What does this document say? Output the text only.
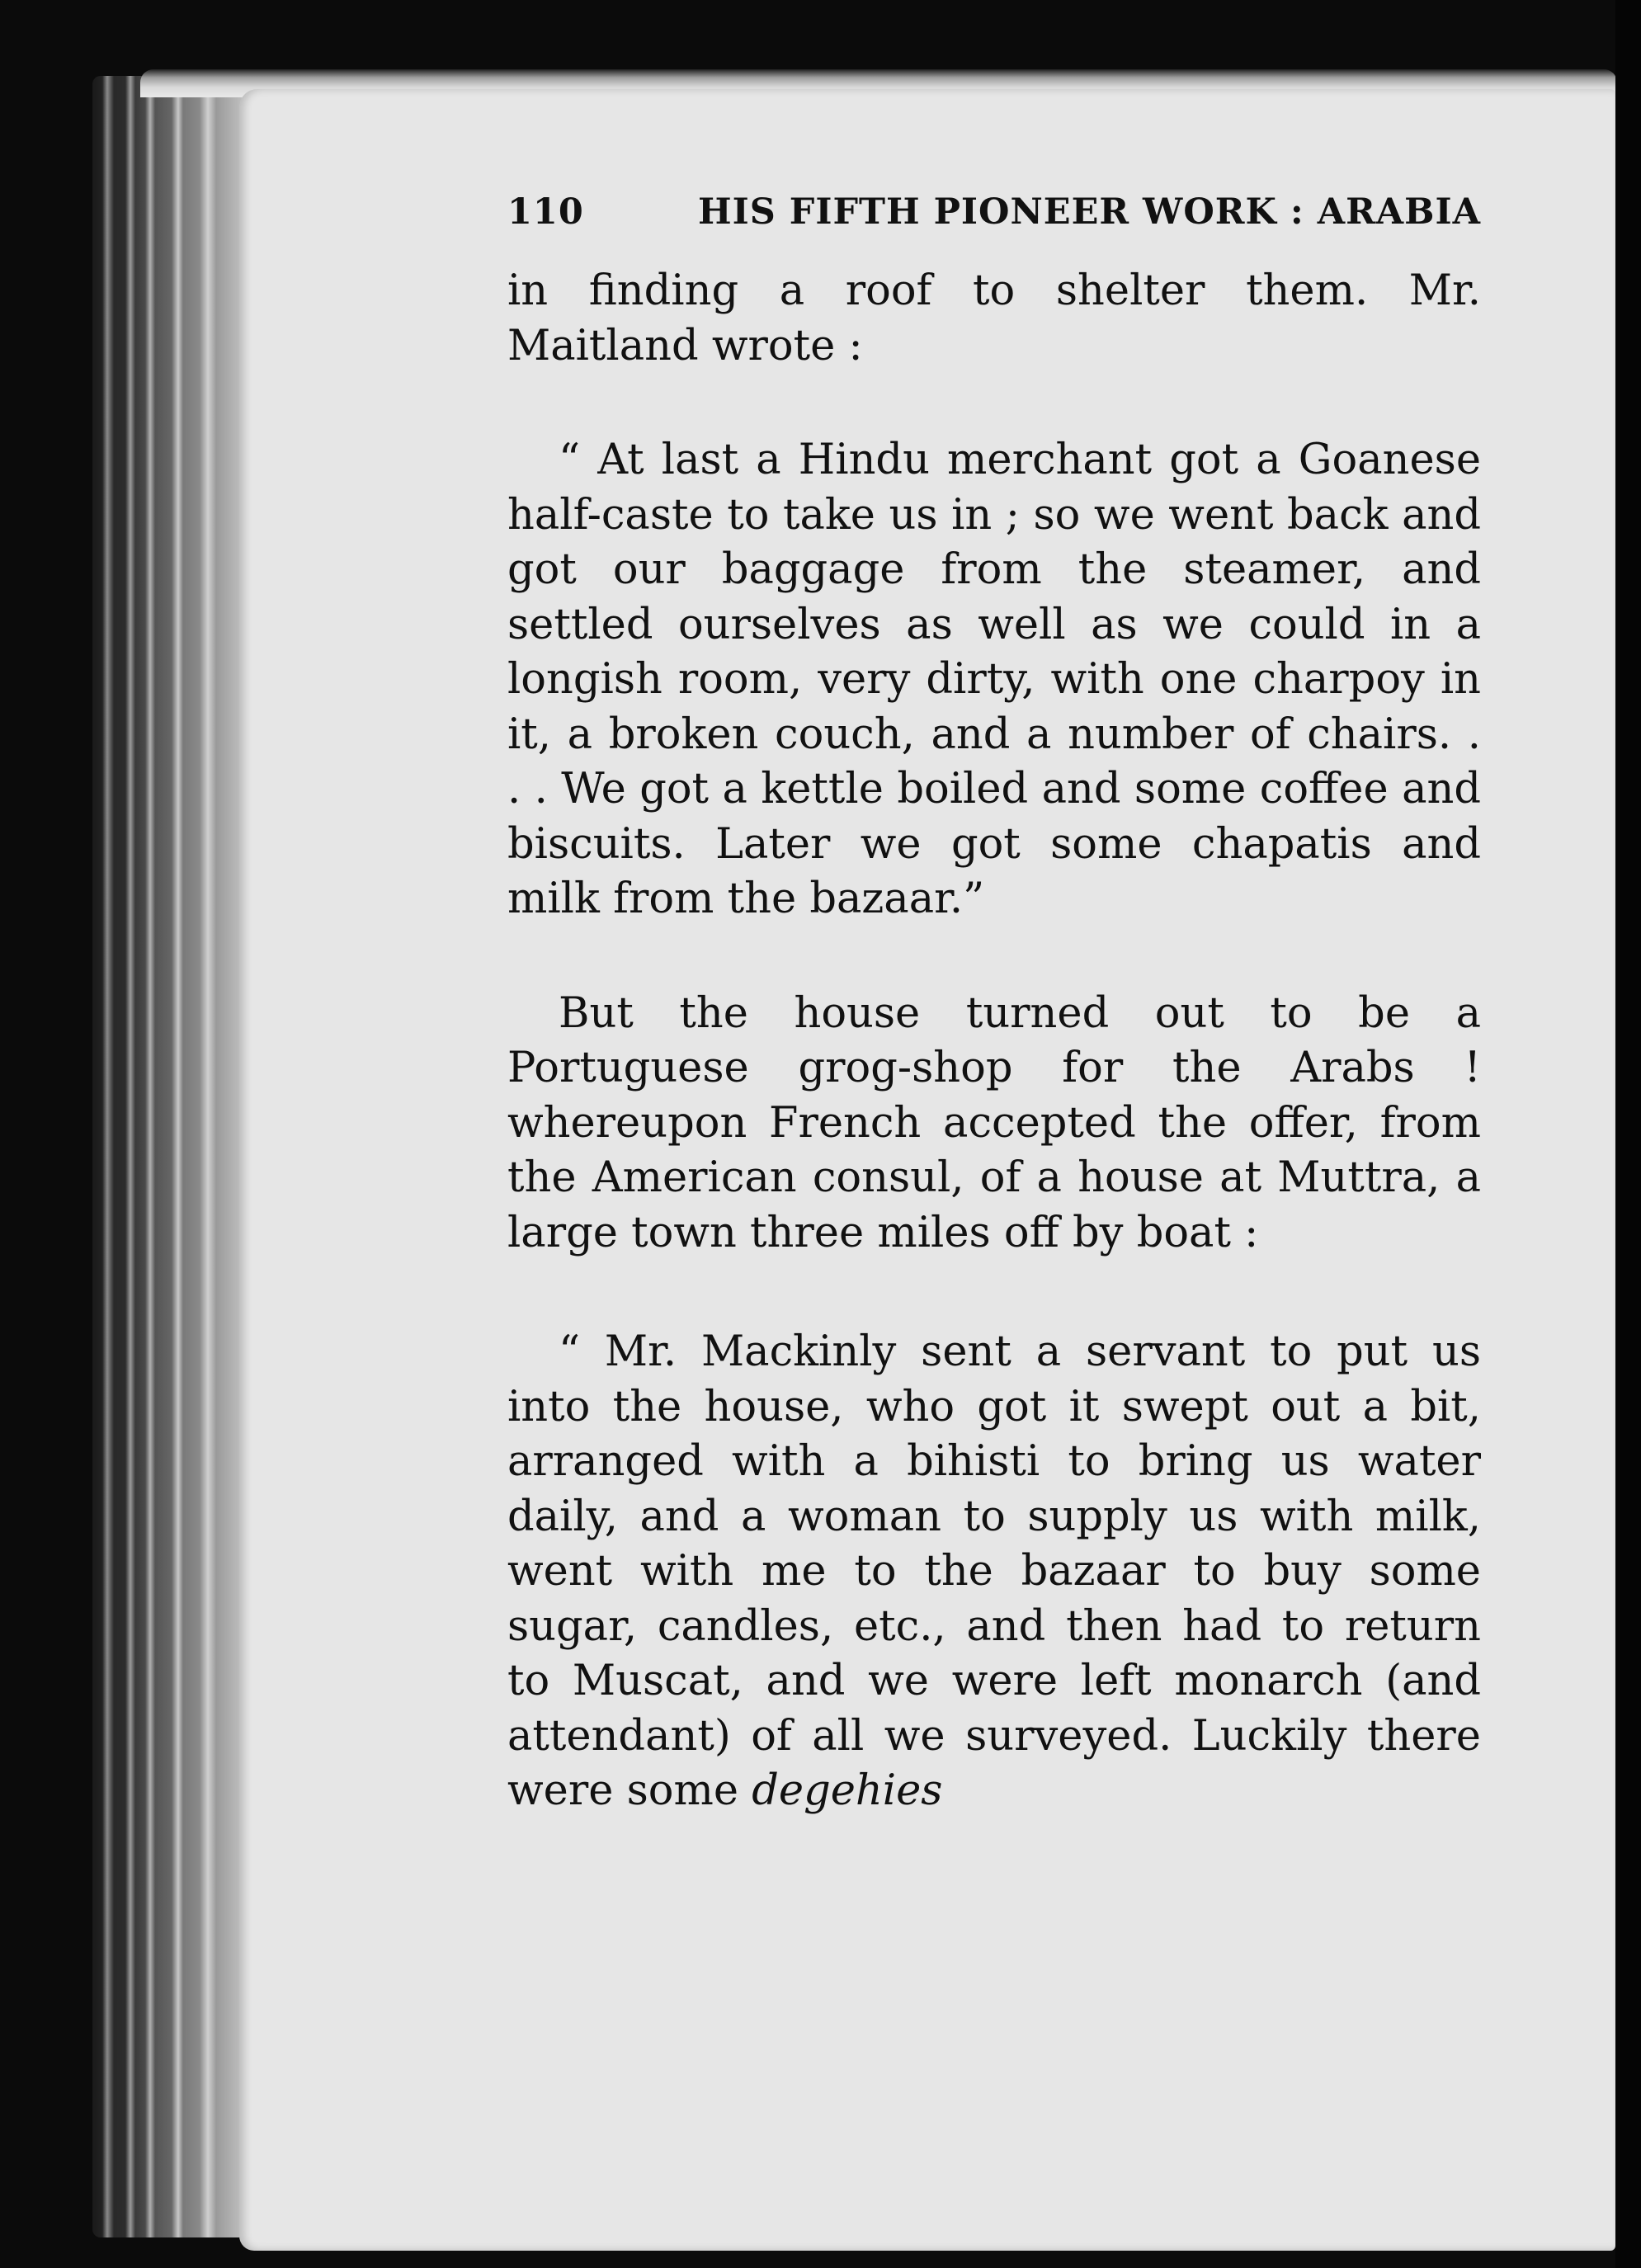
110	HIS FIFTH PIONEER WORK : ARABIA

in finding a roof to shelter them. Mr. Maitland wrote :

“ At last a Hindu merchant got a Goanese half-caste to take us in ; so we went back and got our baggage from the steamer, and settled ourselves as well as we could in a longish room, very dirty, with one charpoy in it, a broken couch, and a number of chairs. . . . We got a kettle boiled and some coffee and biscuits. Later we got some chapatis and milk from the bazaar.”

But the house turned out to be a Portuguese grog-shop for the Arabs ! whereupon French accepted the offer, from the American consul, of a house at Muttra, a large town three miles off by boat :

“ Mr. Mackinly sent a servant to put us into the house, who got it swept out a bit, arranged with a bihisti to bring us water daily, and a woman to supply us with milk, went with me to the bazaar to buy some sugar, candles, etc., and then had to return to Muscat, and we were left monarch (and attendant) of all we surveyed. Luckily there were some degehies
